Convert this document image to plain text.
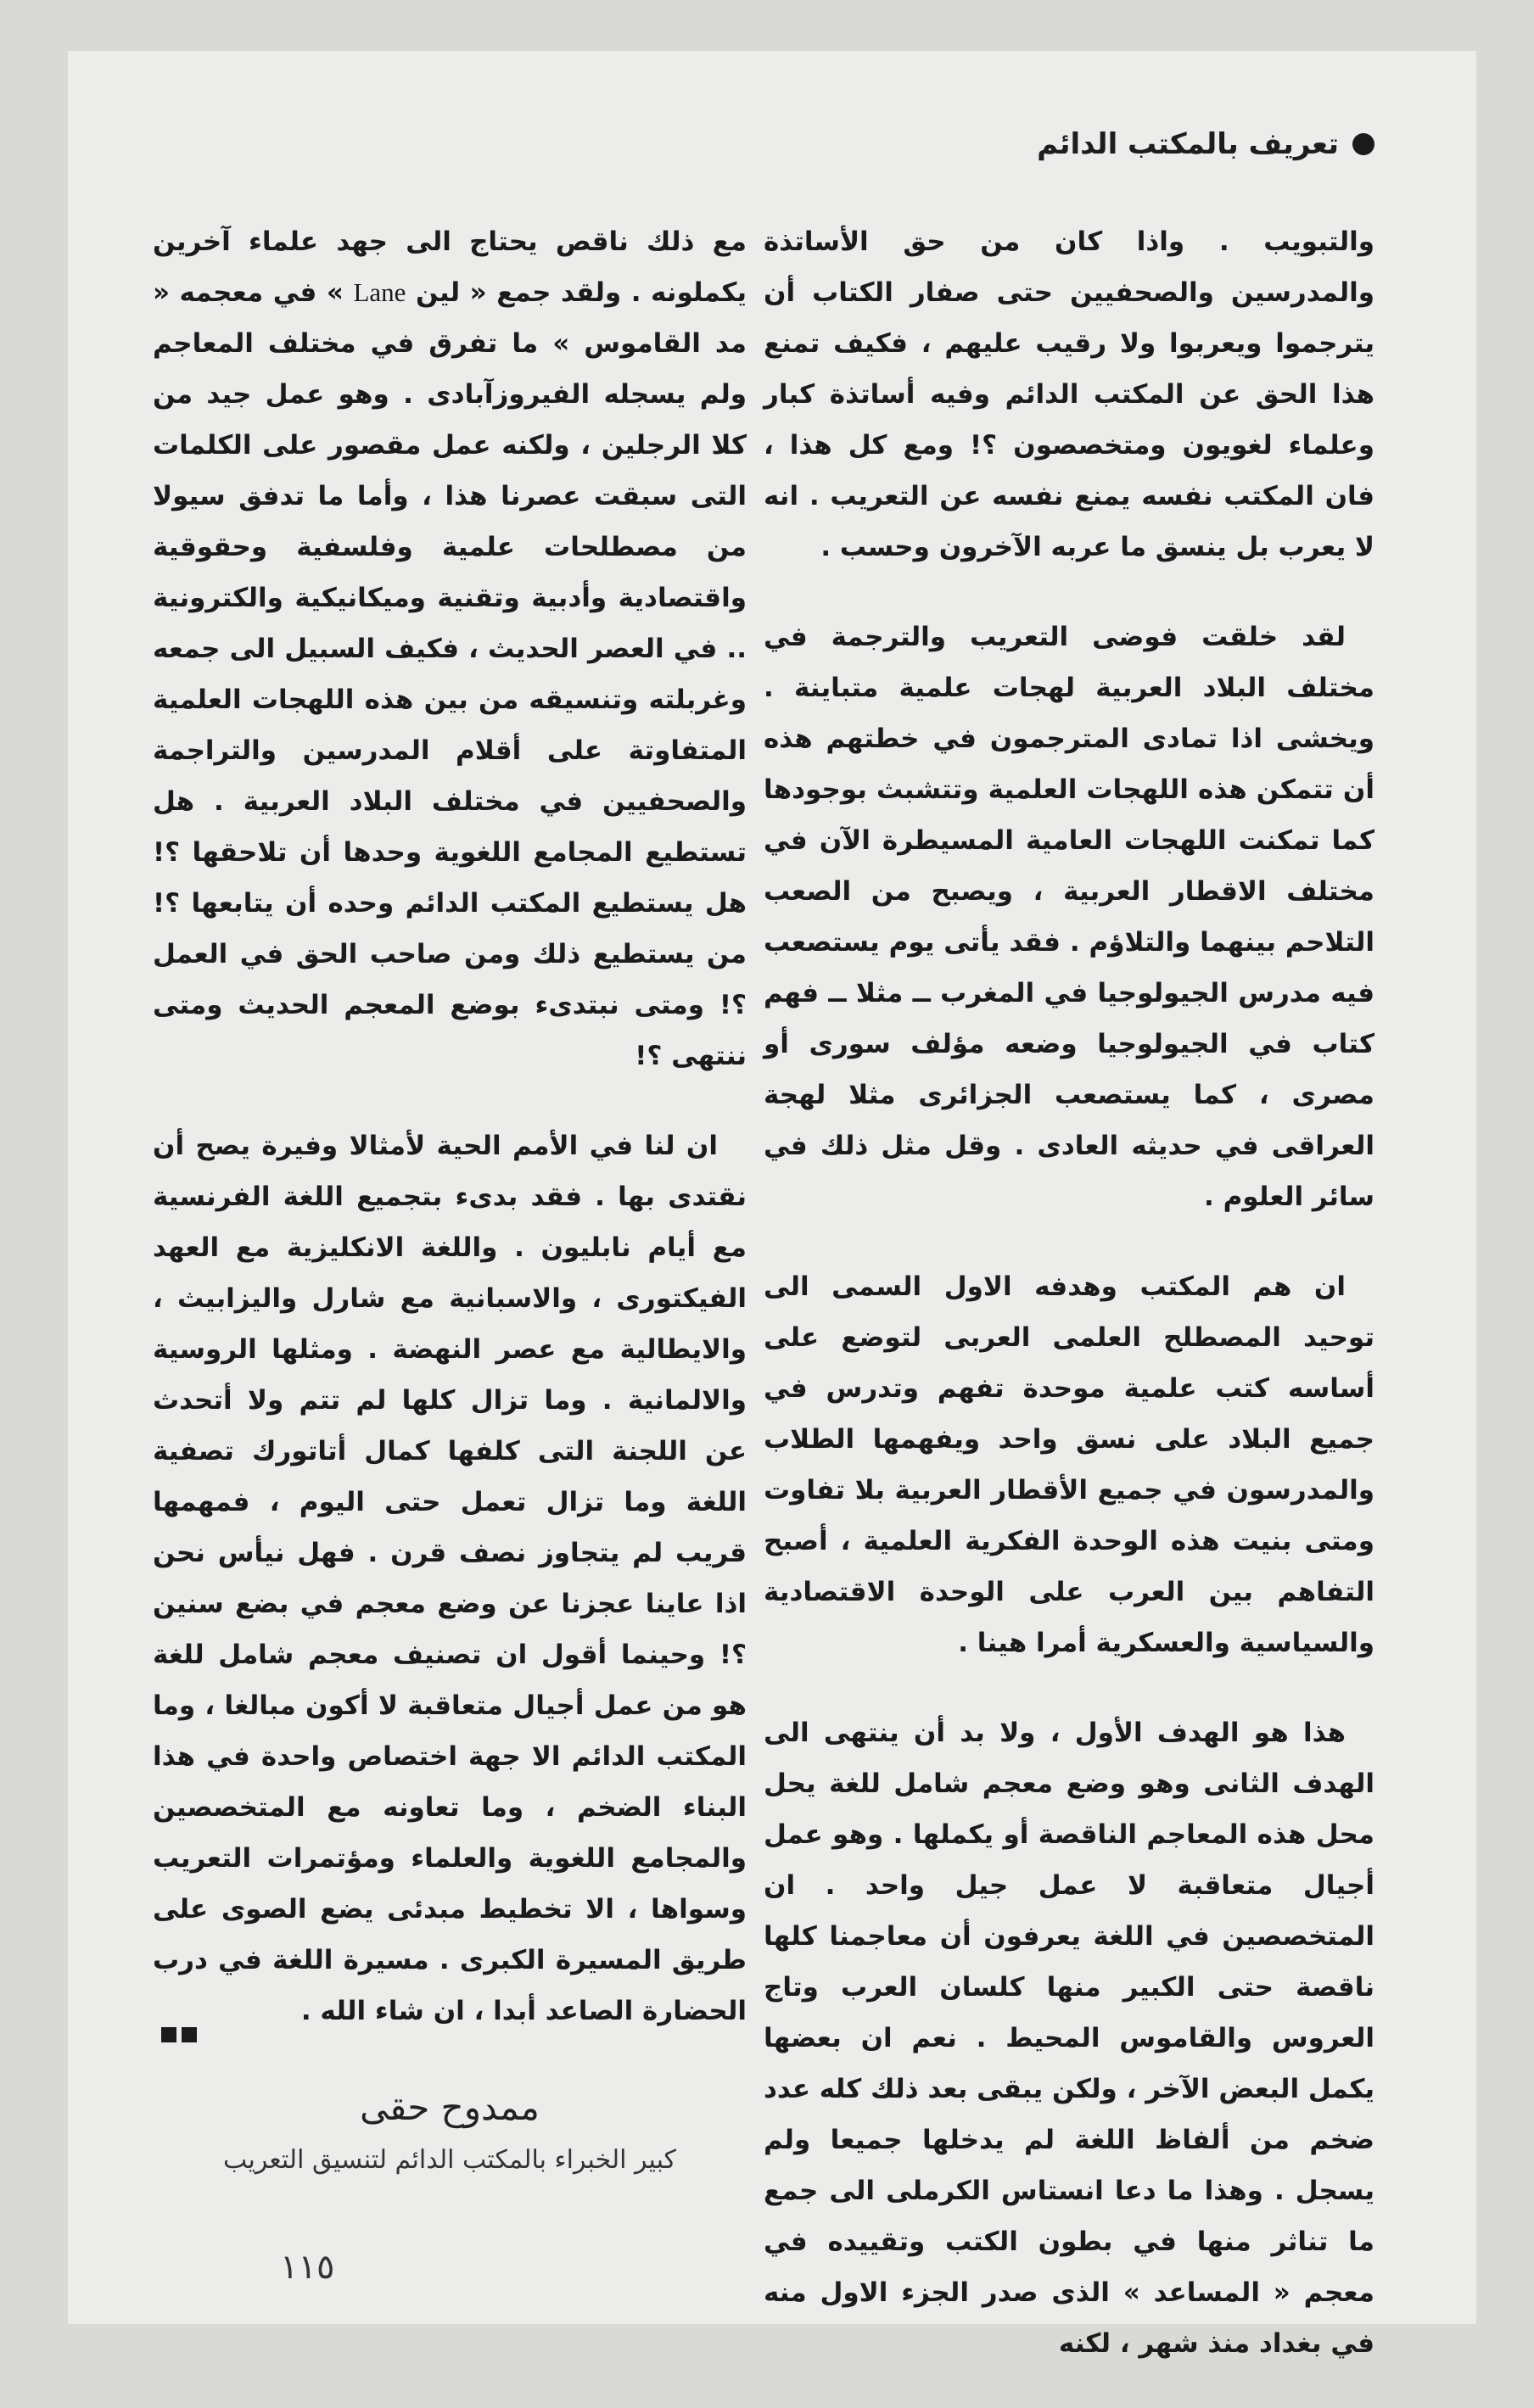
تعريف بالمكتب الدائم

والتبويب . واذا كان من حق الأساتذة والمدرسين والصحفيين حتى صفار الكتاب أن يترجموا ويعربوا ولا رقيب عليهم ، فكيف تمنع هذا الحق عن المكتب الدائم وفيه أساتذة كبار وعلماء لغويون ومتخصصون ؟! ومع كل هذا ، فان المكتب نفسه يمنع نفسه عن التعريب . انه لا يعرب بل ينسق ما عربه الآخرون وحسب .

لقد خلقت فوضى التعريب والترجمة في مختلف البلاد العربية لهجات علمية متباينة . ويخشى اذا تمادى المترجمون في خطتهم هذه أن تتمكن هذه اللهجات العلمية وتتشبث بوجودها كما تمكنت اللهجات العامية المسيطرة الآن في مختلف الاقطار العربية ، ويصبح من الصعب التلاحم بينهما والتلاؤم . فقد يأتى يوم يستصعب فيه مدرس الجيولوجيا في المغرب ــ مثلا ــ فهم كتاب في الجيولوجيا وضعه مؤلف سورى أو مصرى ، كما يستصعب الجزائرى مثلا لهجة العراقى في حديثه العادى . وقل مثل ذلك في سائر العلوم .

ان هم المكتب وهدفه الاول السمى الى توحيد المصطلح العلمى العربى لتوضع على أساسه كتب علمية موحدة تفهم وتدرس في جميع البلاد على نسق واحد ويفهمها الطلاب والمدرسون في جميع الأقطار العربية بلا تفاوت ومتى بنيت هذه الوحدة الفكرية العلمية ، أصبح التفاهم بين العرب على الوحدة الاقتصادية والسياسية والعسكرية أمرا هينا .

هذا هو الهدف الأول ، ولا بد أن ينتهى الى الهدف الثانى وهو وضع معجم شامل للغة يحل محل هذه المعاجم الناقصة أو يكملها . وهو عمل أجيال متعاقبة لا عمل جيل واحد . ان المتخصصين في اللغة يعرفون أن معاجمنا كلها ناقصة حتى الكبير منها كلسان العرب وتاج العروس والقاموس المحيط . نعم ان بعضها يكمل البعض الآخر ، ولكن يبقى بعد ذلك كله عدد ضخم من ألفاظ اللغة لم يدخلها جميعا ولم يسجل . وهذا ما دعا انستاس الكرملى الى جمع ما تناثر منها في بطون الكتب وتقييده في معجم « المساعد » الذى صدر الجزء الاول منه في بغداد منذ شهر ، لكنه

مع ذلك ناقص يحتاج الى جهد علماء آخرين يكملونه . ولقد جمع « لين Lane » في معجمه « مد القاموس » ما تفرق في مختلف المعاجم ولم يسجله الفيروزآبادى . وهو عمل جيد من كلا الرجلين ، ولكنه عمل مقصور على الكلمات التى سبقت عصرنا هذا ، وأما ما تدفق سيولا من مصطلحات علمية وفلسفية وحقوقية واقتصادية وأدبية وتقنية وميكانيكية والكترونية .. في العصر الحديث ، فكيف السبيل الى جمعه وغربلته وتنسيقه من بين هذه اللهجات العلمية المتفاوتة على أقلام المدرسين والتراجمة والصحفيين في مختلف البلاد العربية . هل تستطيع المجامع اللغوية وحدها أن تلاحقها ؟! هل يستطيع المكتب الدائم وحده أن يتابعها ؟! من يستطيع ذلك ومن صاحب الحق في العمل ؟! ومتى نبتدىء بوضع المعجم الحديث ومتى ننتهى ؟!

ان لنا في الأمم الحية لأمثالا وفيرة يصح أن نقتدى بها . فقد بدىء بتجميع اللغة الفرنسية مع أيام نابليون . واللغة الانكليزية مع العهد الفيكتورى ، والاسبانية مع شارل واليزابيث ، والايطالية مع عصر النهضة . ومثلها الروسية والالمانية . وما تزال كلها لم تتم ولا أتحدث عن اللجنة التى كلفها كمال أتاتورك تصفية اللغة وما تزال تعمل حتى اليوم ، فمهمها قريب لم يتجاوز نصف قرن . فهل نيأس نحن اذا عاينا عجزنا عن وضع معجم في بضع سنين ؟! وحينما أقول ان تصنيف معجم شامل للغة هو من عمل أجيال متعاقبة لا أكون مبالغا ، وما المكتب الدائم الا جهة اختصاص واحدة في هذا البناء الضخم ، وما تعاونه مع المتخصصين والمجامع اللغوية والعلماء ومؤتمرات التعريب وسواها ، الا تخطيط مبدئى يضع الصوى على طريق المسيرة الكبرى . مسيرة اللغة في درب الحضارة الصاعد أبدا ، ان شاء الله .

ممدوح حقى
كبير الخبراء بالمكتب الدائم لتنسيق التعريب
١١٥
